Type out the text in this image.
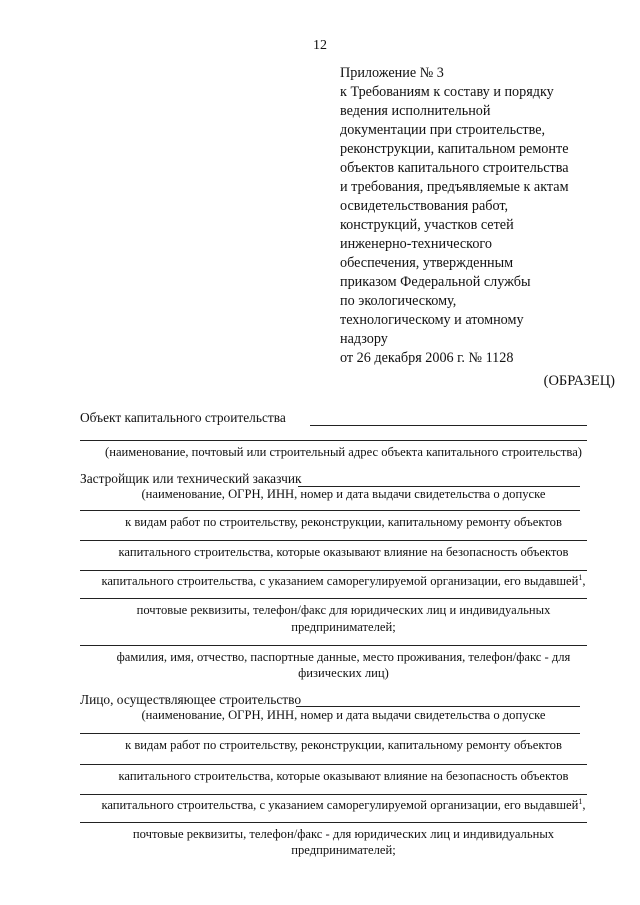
12
Приложение № 3
к Требованиям к составу и порядку
ведения исполнительной
документации при строительстве,
реконструкции, капитальном ремонте
объектов капитального строительства
и требования, предъявляемые к актам
освидетельствования работ,
конструкций, участков сетей
инженерно-технического
обеспечения, утвержденным
приказом Федеральной службы
по экологическому,
технологическому и атомному
надзору
от 26 декабря 2006 г. № 1128
(ОБРАЗЕЦ)
Объект капитального строительства
(наименование, почтовый или строительный адрес объекта капитального строительства)
Застройщик или технический заказчик
(наименование, ОГРН, ИНН, номер и дата выдачи свидетельства о допуске
к видам работ по строительству, реконструкции, капитальному ремонту объектов
капитального строительства, которые оказывают влияние на безопасность объектов
капитального строительства, с указанием саморегулируемой организации, его выдавшей$^1$,
почтовые реквизиты, телефон/факс для юридических лиц и индивидуальных
предпринимателей;
фамилия, имя, отчество, паспортные данные, место проживания, телефон/факс - для
физических лиц)
Лицо, осуществляющее строительство
(наименование, ОГРН, ИНН, номер и дата выдачи свидетельства о допуске
к видам работ по строительству, реконструкции, капитальному ремонту объектов
капитального строительства, которые оказывают влияние на безопасность объектов
капитального строительства, с указанием саморегулируемой организации, его выдавшей$^1$,
почтовые реквизиты, телефон/факс - для юридических лиц и индивидуальных
предпринимателей;
